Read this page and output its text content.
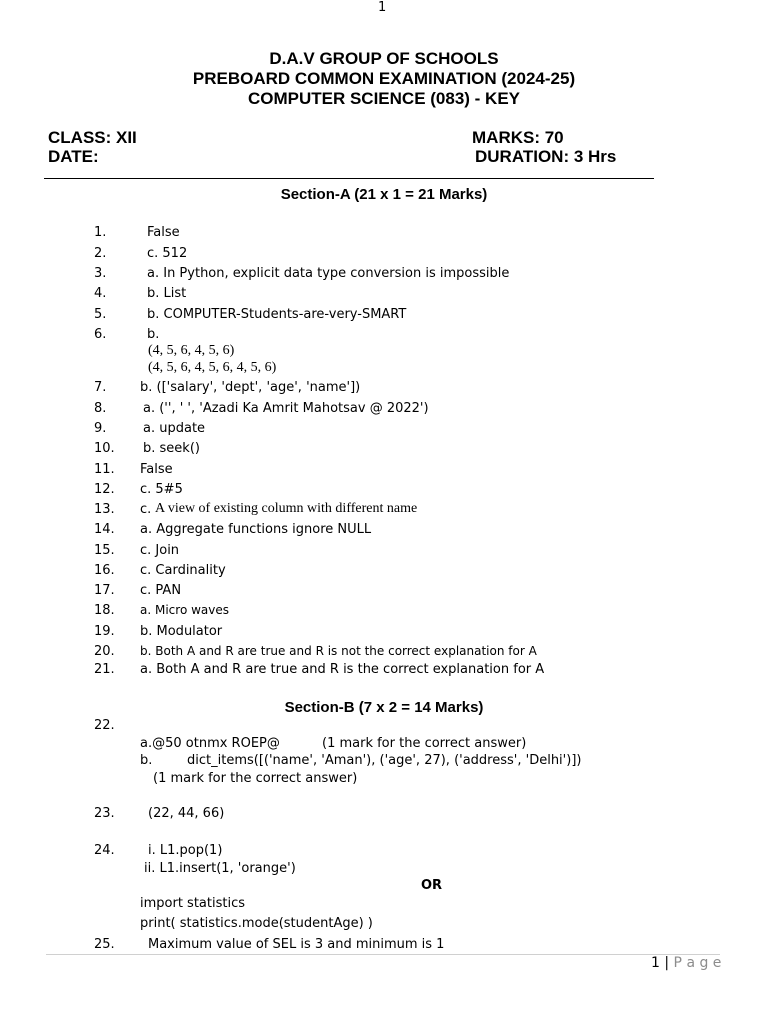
1
D.A.V GROUP OF SCHOOLS
PREBOARD COMMON EXAMINATION (2024-25)
COMPUTER SCIENCE (083) - KEY
CLASS: XII	MARKS: 70
DATE:	DURATION: 3 Hrs
Section-A (21 x 1 = 21 Marks)
1.	False
2.	c. 512
3.	a. In Python, explicit data type conversion is impossible
4.	b. List
5.	b. COMPUTER-Students-are-very-SMART
6.	b.
(4, 5, 6, 4, 5, 6)
(4, 5, 6, 4, 5, 6, 4, 5, 6)
7.	b. (['salary', 'dept', 'age', 'name'])
8.	a. ('', ' ', 'Azadi Ka Amrit Mahotsav @ 2022')
9.	a. update
10. b. seek()
11. False
12. c. 5#5
13. c. A view of existing column with different name
14. a. Aggregate functions ignore NULL
15. c. Join
16. c. Cardinality
17. c. PAN
18. a. Micro waves
19. b. Modulator
20. b. Both A and R are true and R is not the correct explanation for A
21. a. Both A and R are true and R is the correct explanation for A
Section-B (7 x 2 = 14 Marks)
22.
a.@50 otnmx ROEP@	(1 mark for the correct answer)
b.	dict_items([('name', 'Aman'), ('age', 27), ('address', 'Delhi')])
(1 mark for the correct answer)
23.	(22, 44, 66)
24.	i. L1.pop(1)
ii. L1.insert(1, 'orange')
OR
import statistics
print( statistics.mode(studentAge) )
25.	Maximum value of SEL is 3 and minimum is 1
1 | P a g e
